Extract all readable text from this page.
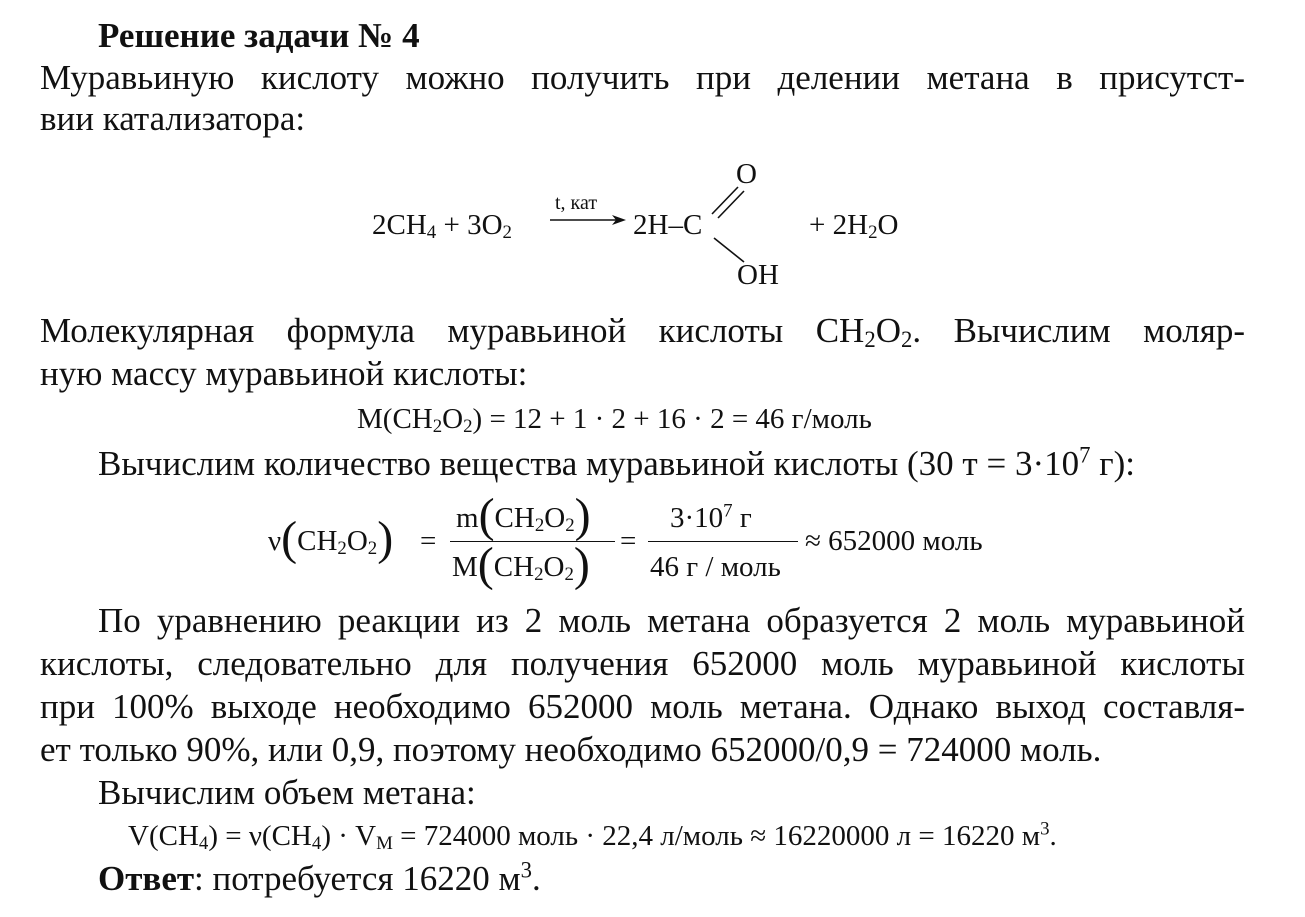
Решение задачи № 4
Муравьиную кислоту можно получить при делении метана в присутст-
вии катализатора:
$2CH_4 + 3O_2$
t, кат
2H–C
O
OH
+ $2H_2O$
Молекулярная формула муравьиной кислоты $CH_2O_2$. Вычислим моляр-
ную массу муравьиной кислоты:
$M(CH_2O_2) = 12 + 1 \cdot 2 + 16 \cdot 2 = 46$ г/моль
Вычислим количество вещества муравьиной кислоты (30 $т = 3\cdot 10^7$ г):
$\nu(CH_2O_2)$ =
$m(CH_2O_2)$
$M(CH_2O_2)$ =
$3\cdot 10^7$ г
46 г / моль
≈ 652000 моль
По уравнению реакции из 2 моль метана образуется 2 моль муравьиной
кислоты, следовательно для получения 652000 моль муравьиной кислоты
при 100% выходе необходимо 652000 моль метана. Однако выход составля-
ет только 90%, или 0,9, поэтому необходимо 652000/0,9 = 724000 моль.
Вычислим объем метана:
$V(CH_4) = \nu(CH_4) \cdot V_M = 724000$ моль · 22,4 л/моль ≈ 16220000 л = 16220 $м^3$.
Ответ: потребуется 16220 $м^3$.
